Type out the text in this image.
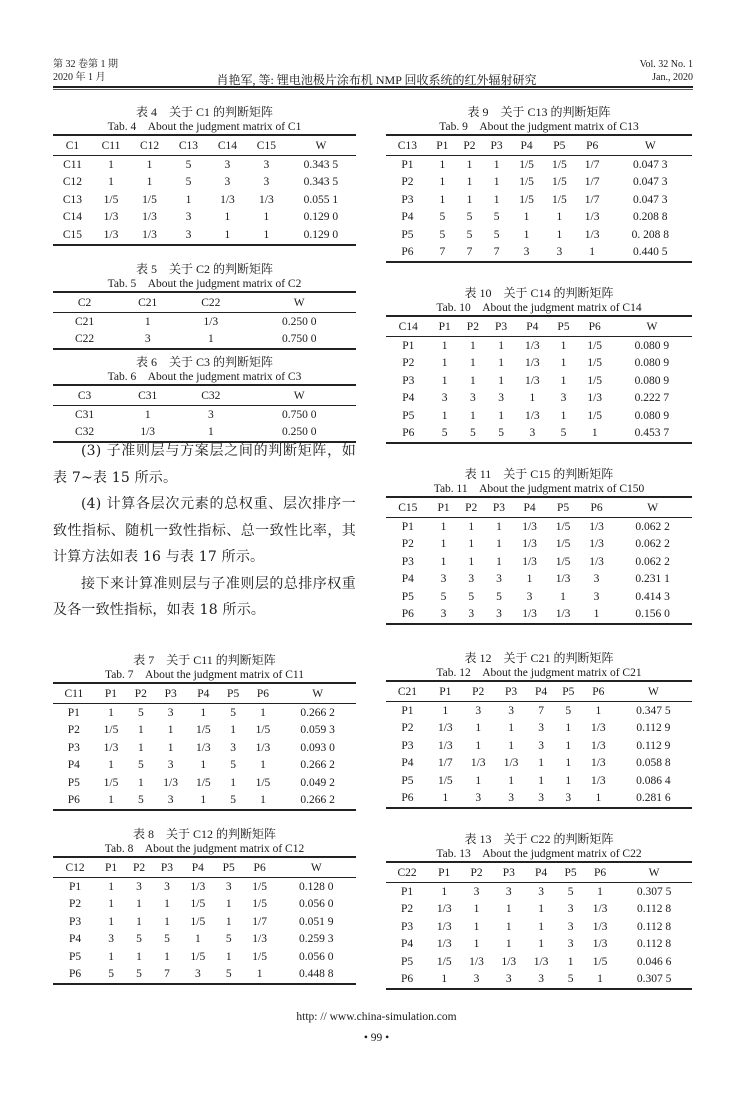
第 32 卷第 1 期
2020 年 1 月	肖艳军, 等: 锂电池极片涂布机 NMP 回收系统的红外辐射研究
Vol. 32 No. 1
Jan., 2020
表 4　关于 C1 的判断矩阵
Tab. 4　About the judgment matrix of C1
C1	C11	C12	C13	C14	C15	W
C11	1	1	5	3	3	0.343 5
C12	1	1	5	3	3	0.343 5
C13	1/5	1/5	1	1/3	1/3	0.055 1
C14	1/3	1/3	3	1	1	0.129 0
C15	1/3	1/3	3	1	1	0.129 0
表 5　关于 C2 的判断矩阵
Tab. 5　About the judgment matrix of C2
C2	C21	C22	W
C21	1	1/3	0.250 0
C22	3	1	0.750 0
表 6　关于 C3 的判断矩阵
Tab. 6　About the judgment matrix of C3
C3	C31	C32	W
C31	1	3	0.750 0
C32	1/3	1	0.250 0
表 7　关于 C11 的判断矩阵
Tab. 7　About the judgment matrix of C11
C11	P1	P2	P3	P4	P5	P6	W
P1	1	5	3	1	5	1	0.266 2
P2	1/5	1	1	1/5	1	1/5	0.059 3
P3	1/3	1	1	1/3	3	1/3	0.093 0
P4	1	5	3	1	5	1	0.266 2
P5	1/5	1	1/3	1/5	1	1/5	0.049 2
P6	1	5	3	1	5	1	0.266 2
表 8　关于 C12 的判断矩阵
Tab. 8　About the judgment matrix of C12
C12	P1	P2	P3	P4	P5	P6	W
P1	1	3	3	1/3	3	1/5	0.128 0
P2	1	1	1	1/5	1	1/5	0.056 0
P3	1	1	1	1/5	1	1/7	0.051 9
P4	3	5	5	1	5	1/3	0.259 3
P5	1	1	1	1/5	1	1/5	0.056 0
P6	5	5	7	3	5	1	0.448 8

(3) 子准则层与方案层之间的判断矩阵，如表 7~表 15 所示。

(4) 计算各层次元素的总权重、层次排序一致性指标、随机一致性指标、总一致性比率，其计算方法如表 16 与表 17 所示。

接下来计算准则层与子准则层的总排序权重及各一致性指标，如表 18 所示。

表 9　关于 C13 的判断矩阵
Tab. 9　About the judgment matrix of C13
C13	P1	P2	P3	P4	P5	P6	W
P1	1	1	1	1/5	1/5	1/7	0.047 3
P2	1	1	1	1/5	1/5	1/7	0.047 3
P3	1	1	1	1/5	1/5	1/7	0.047 3
P4	5	5	5	1	1	1/3	0.208 8
P5	5	5	5	1	1	1/3	0. 208 8
P6	7	7	7	3	3	1	0.440 5
表 10　关于 C14 的判断矩阵
Tab. 10　About the judgment matrix of C14
C14	P1	P2	P3	P4	P5	P6	W
P1	1	1	1	1/3	1	1/5	0.080 9
P2	1	1	1	1/3	1	1/5	0.080 9
P3	1	1	1	1/3	1	1/5	0.080 9
P4	3	3	3	1	3	1/3	0.222 7
P5	1	1	1	1/3	1	1/5	0.080 9
P6	5	5	5	3	5	1	0.453 7
表 11　关于 C15 的判断矩阵
Tab. 11　About the judgment matrix of C150
C15	P1	P2	P3	P4	P5	P6	W
P1	1	1	1	1/3	1/5	1/3	0.062 2
P2	1	1	1	1/3	1/5	1/3	0.062 2
P3	1	1	1	1/3	1/5	1/3	0.062 2
P4	3	3	3	1	1/3	3	0.231 1
P5	5	5	5	3	1	3	0.414 3
P6	3	3	3	1/3	1/3	1	0.156 0
表 12　关于 C21 的判断矩阵
Tab. 12　About the judgment matrix of C21
C21	P1	P2	P3	P4	P5	P6	W
P1	1	3	3	7	5	1	0.347 5
P2	1/3	1	1	3	1	1/3	0.112 9
P3	1/3	1	1	3	1	1/3	0.112 9
P4	1/7	1/3	1/3	1	1	1/3	0.058 8
P5	1/5	1	1	1	1	1/3	0.086 4
P6	1	3	3	3	3	1	0.281 6
表 13　关于 C22 的判断矩阵
Tab. 13　About the judgment matrix of C22
C22	P1	P2	P3	P4	P5	P6	W
P1	1	3	3	3	5	1	0.307 5
P2	1/3	1	1	1	3	1/3	0.112 8
P3	1/3	1	1	1	3	1/3	0.112 8
P4	1/3	1	1	1	3	1/3	0.112 8
P5	1/5	1/3	1/3	1/3	1	1/5	0.046 6
P6	1	3	3	3	5	1	0.307 5
http: // www.china-simulation.com
• 99 •
